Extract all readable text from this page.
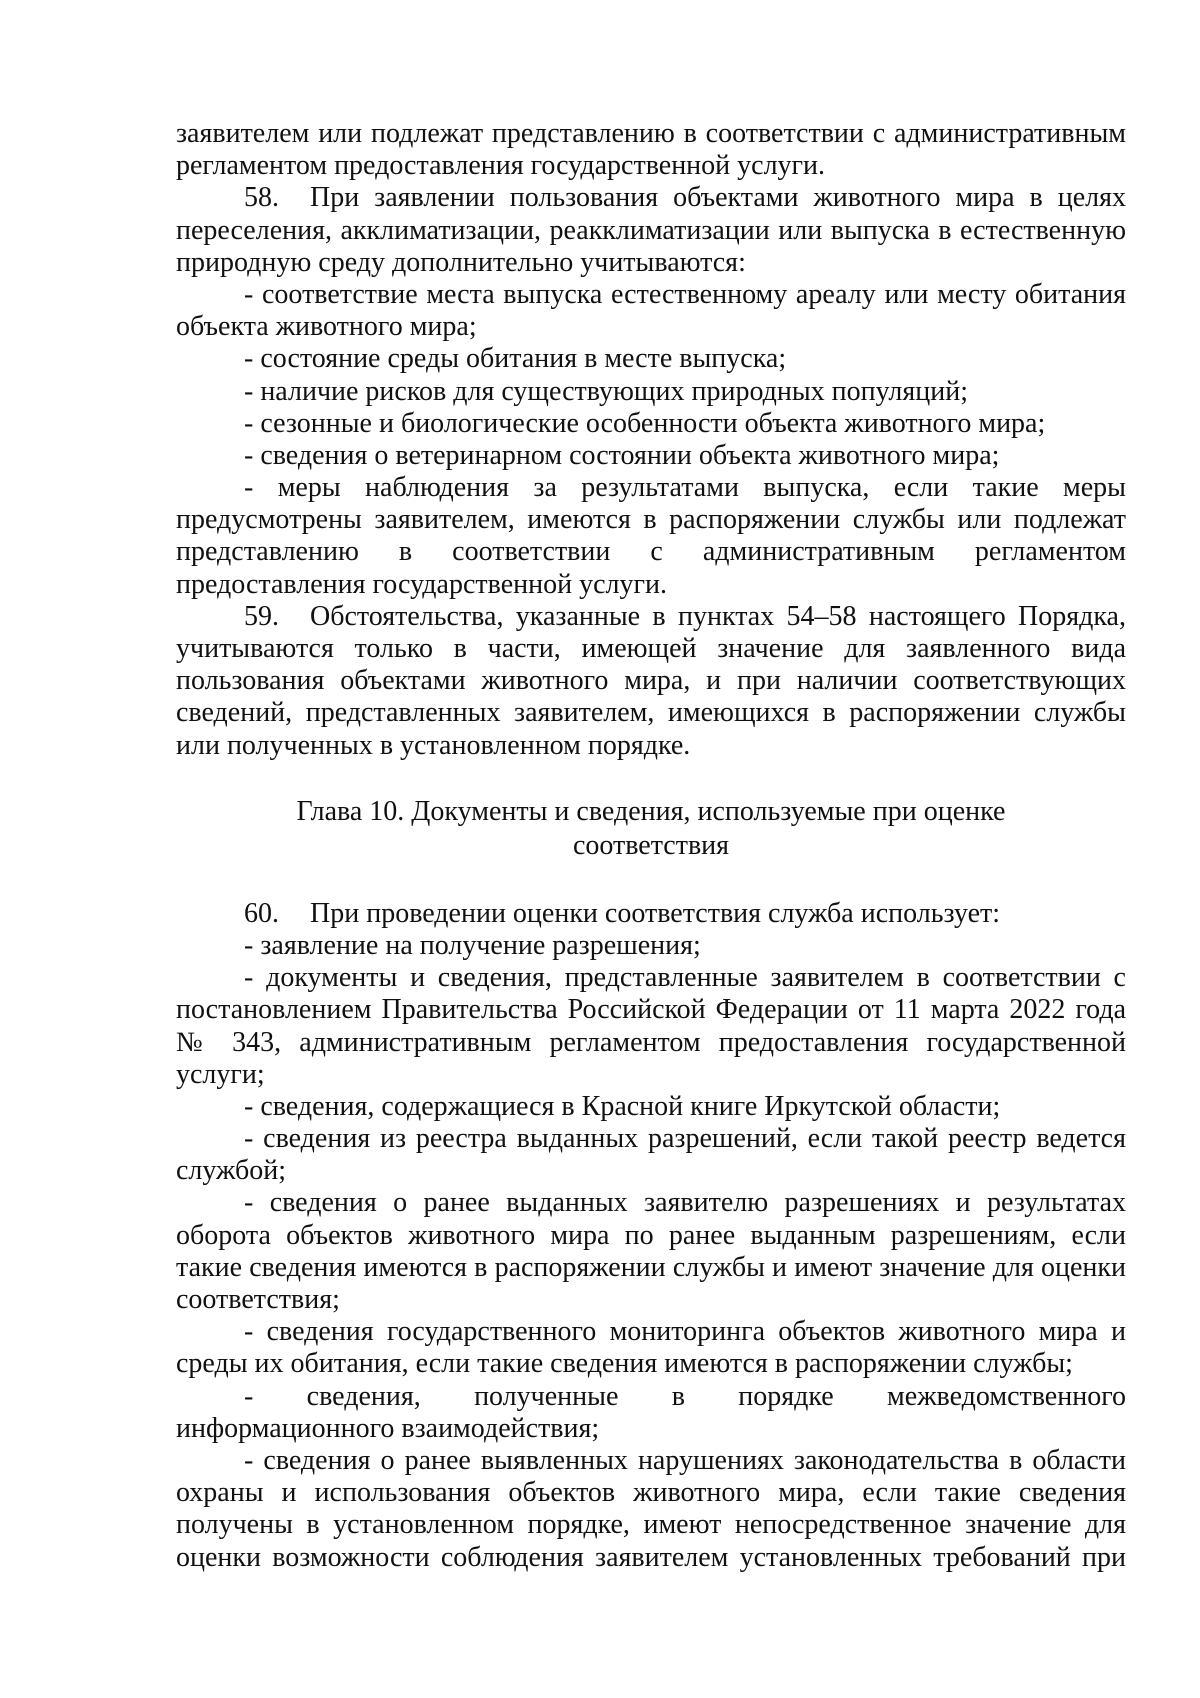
заявителем или подлежат представлению в соответствии с административным
регламентом предоставления государственной услуги.
58. При заявлении пользования объектами животного мира в целях
переселения, акклиматизации, реакклиматизации или выпуска в естественную
природную среду дополнительно учитываются:
- соответствие места выпуска естественному ареалу или месту обитания
объекта животного мира;
- состояние среды обитания в месте выпуска;
- наличие рисков для существующих природных популяций;
- сезонные и биологические особенности объекта животного мира;
- сведения о ветеринарном состоянии объекта животного мира;
- меры наблюдения за результатами выпуска, если такие меры
предусмотрены заявителем, имеются в распоряжении службы или подлежат
представлению в соответствии с административным регламентом
предоставления государственной услуги.
59. Обстоятельства, указанные в пунктах 54–58 настоящего Порядка,
учитываются только в части, имеющей значение для заявленного вида
пользования объектами животного мира, и при наличии соответствующих
сведений, представленных заявителем, имеющихся в распоряжении службы
или полученных в установленном порядке.
Глава 10. Документы и сведения, используемые при оценке
соответствия
60. При проведении оценки соответствия служба использует:
- заявление на получение разрешения;
- документы и сведения, представленные заявителем в соответствии с
постановлением Правительства Российской Федерации от 11 марта 2022 года
№ 343, административным регламентом предоставления государственной
услуги;
- сведения, содержащиеся в Красной книге Иркутской области;
- сведения из реестра выданных разрешений, если такой реестр ведется
службой;
- сведения о ранее выданных заявителю разрешениях и результатах
оборота объектов животного мира по ранее выданным разрешениям, если
такие сведения имеются в распоряжении службы и имеют значение для оценки
соответствия;
- сведения государственного мониторинга объектов животного мира и
среды их обитания, если такие сведения имеются в распоряжении службы;
- сведения, полученные в порядке межведомственного
информационного взаимодействия;
- сведения о ранее выявленных нарушениях законодательства в области
охраны и использования объектов животного мира, если такие сведения
получены в установленном порядке, имеют непосредственное значение для
оценки возможности соблюдения заявителем установленных требований при
